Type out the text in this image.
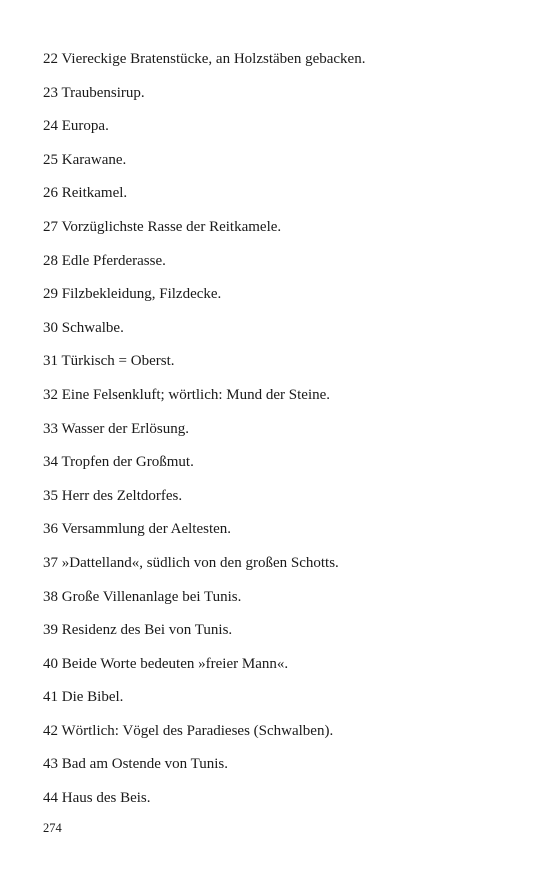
22 Viereckige Bratenstücke, an Holzstäben gebacken.
23 Traubensirup.
24 Europa.
25 Karawane.
26 Reitkamel.
27 Vorzüglichste Rasse der Reitkamele.
28 Edle Pferderasse.
29 Filzbekleidung, Filzdecke.
30 Schwalbe.
31 Türkisch = Oberst.
32 Eine Felsenkluft; wörtlich: Mund der Steine.
33 Wasser der Erlösung.
34 Tropfen der Großmut.
35 Herr des Zeltdorfes.
36 Versammlung der Aeltesten.
37 »Dattelland«, südlich von den großen Schotts.
38 Große Villenanlage bei Tunis.
39 Residenz des Bei von Tunis.
40 Beide Worte bedeuten »freier Mann«.
41 Die Bibel.
42 Wörtlich: Vögel des Paradieses (Schwalben).
43 Bad am Ostende von Tunis.
44 Haus des Beis.
274
